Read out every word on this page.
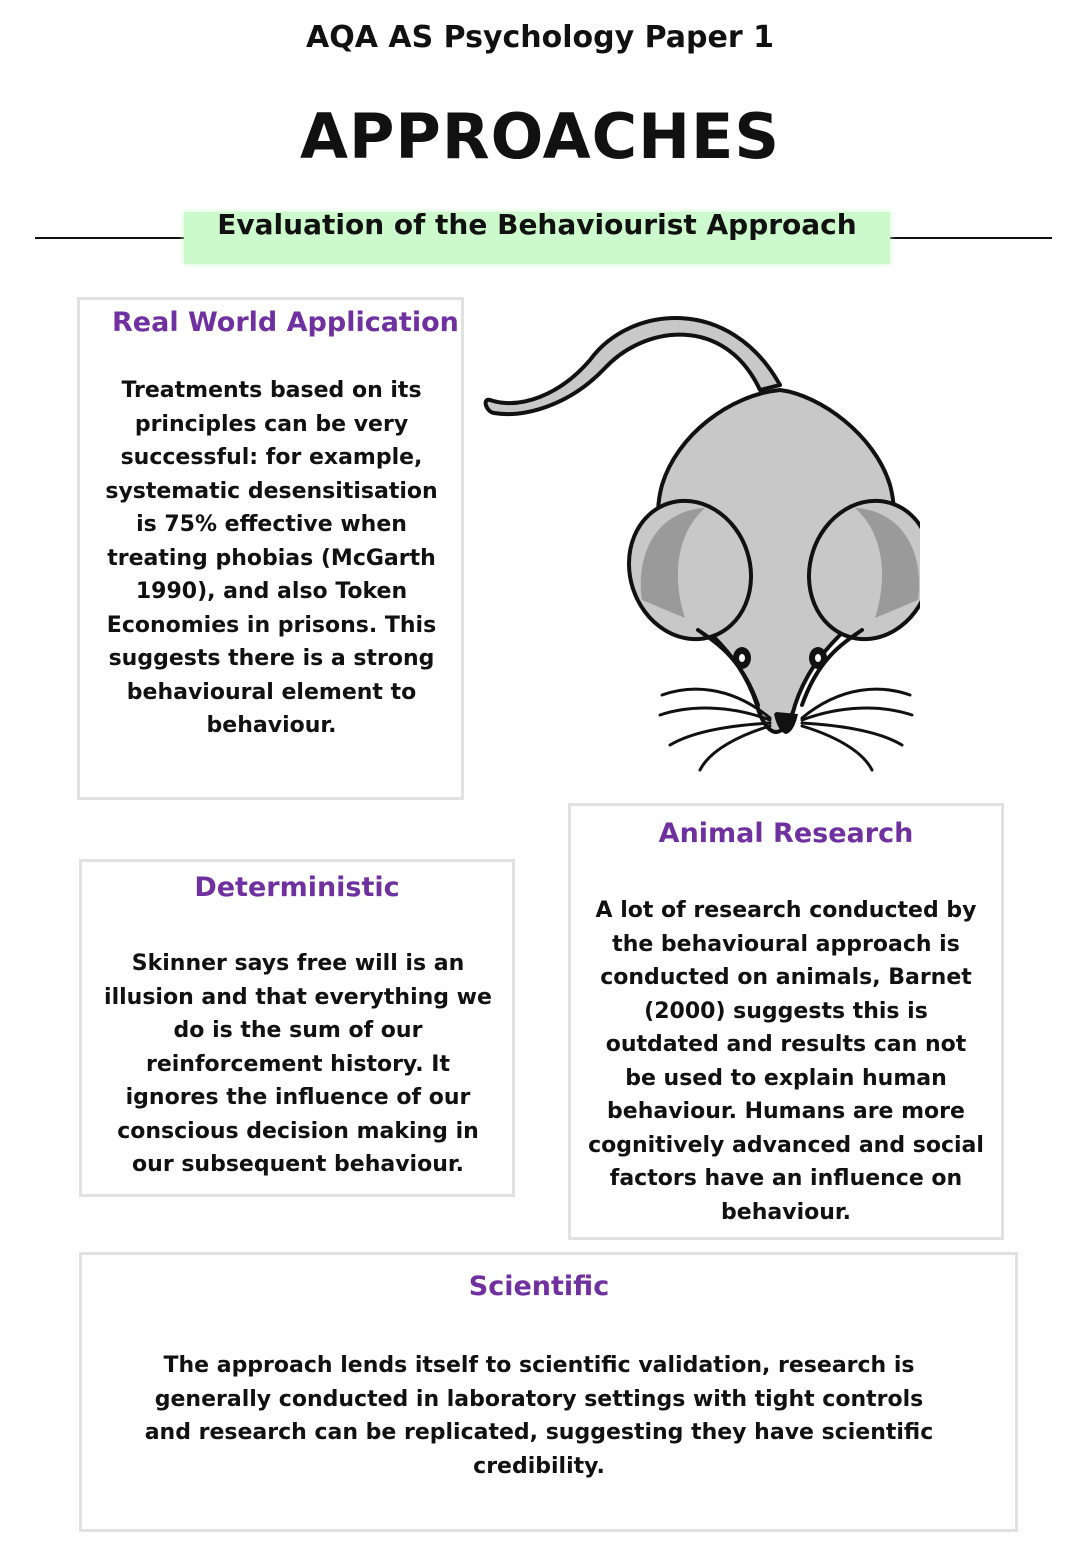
AQA AS Psychology Paper 1
APPROACHES
Evaluation of the Behaviourist Approach
Real World Application

Treatments based on its principles can be very successful: for example, systematic desensitisation is 75% effective when treating phobias (McGarth 1990), and also Token Economies in prisons. This suggests there is a strong behavioural element to behaviour.

Deterministic

Skinner says free will is an illusion and that everything we do is the sum of our reinforcement history. It ignores the influence of our conscious decision making in our subsequent behaviour.

Animal Research

A lot of research conducted by the behavioural approach is conducted on animals, Barnet (2000) suggests this is outdated and results can not be used to explain human behaviour. Humans are more cognitively advanced and social factors have an influence on behaviour.

Scientific

The approach lends itself to scientific validation, research is generally conducted in laboratory settings with tight controls and research can be replicated, suggesting they have scientific credibility.
